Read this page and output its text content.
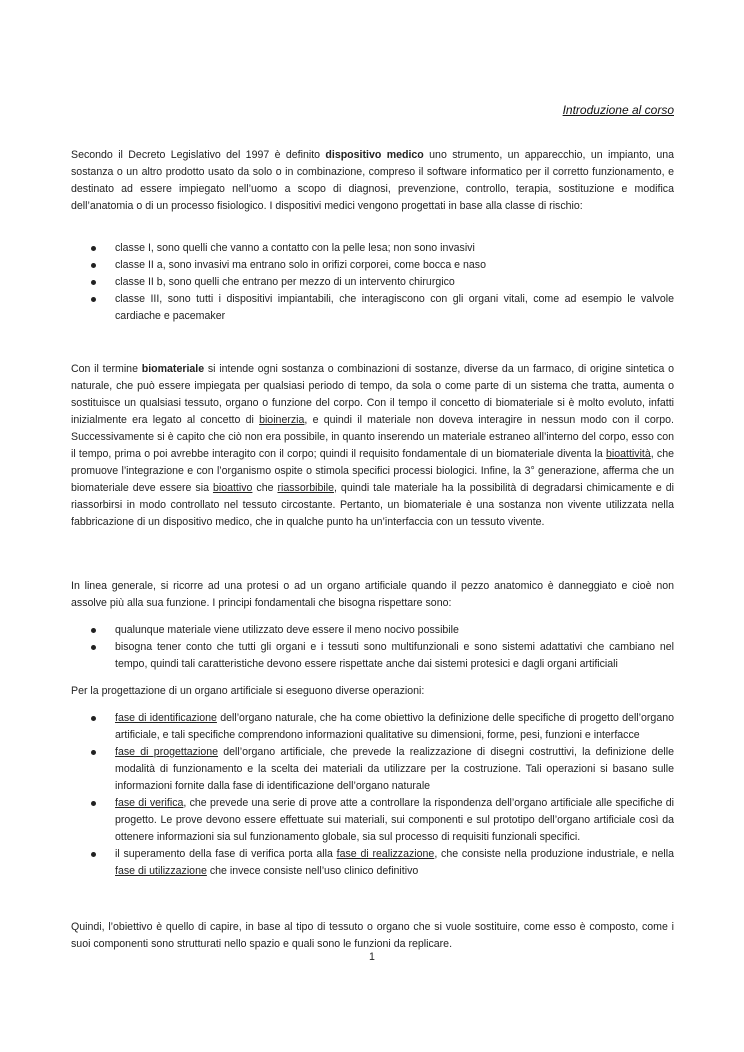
Introduzione al corso

Secondo il Decreto Legislativo del 1997 è definito dispositivo medico uno strumento, un apparecchio, un impianto, una sostanza o un altro prodotto usato da solo o in combinazione, compreso il software informatico per il corretto funzionamento, e destinato ad essere impiegato nell’uomo a scopo di diagnosi, prevenzione, controllo, terapia, sostituzione e modifica dell’anatomia o di un processo fisiologico. I dispositivi medici vengono progettati in base alla classe di rischio:

classe I, sono quelli che vanno a contatto con la pelle lesa; non sono invasivi
classe II a, sono invasivi ma entrano solo in orifizi corporei, come bocca e naso
classe II b, sono quelli che entrano per mezzo di un intervento chirurgico
classe III, sono tutti i dispositivi impiantabili, che interagiscono con gli organi vitali, come ad esempio le valvole cardiache e pacemaker

Con il termine biomateriale si intende ogni sostanza o combinazioni di sostanze, diverse da un farmaco, di origine sintetica o naturale, che può essere impiegata per qualsiasi periodo di tempo, da sola o come parte di un sistema che tratta, aumenta o sostituisce un qualsiasi tessuto, organo o funzione del corpo. Con il tempo il concetto di biomateriale si è molto evoluto, infatti inizialmente era legato al concetto di bioinerzia, e quindi il materiale non doveva interagire in nessun modo con il corpo. Successivamente si è capito che ciò non era possibile, in quanto inserendo un materiale estraneo all’interno del corpo, esso con il tempo, prima o poi avrebbe interagito con il corpo; quindi il requisito fondamentale di un biomateriale diventa la bioattività, che promuove l’integrazione e con l’organismo ospite o stimola specifici processi biologici. Infine, la 3° generazione, afferma che un biomateriale deve essere sia bioattivo che riassorbibile, quindi tale materiale ha la possibilità di degradarsi chimicamente e di riassorbirsi in modo controllato nel tessuto circostante. Pertanto, un biomateriale è una sostanza non vivente utilizzata nella fabbricazione di un dispositivo medico, che in qualche punto ha un’interfaccia con un tessuto vivente.

In linea generale, si ricorre ad una protesi o ad un organo artificiale quando il pezzo anatomico è danneggiato e cioè non assolve più alla sua funzione. I principi fondamentali che bisogna rispettare sono:

qualunque materiale viene utilizzato deve essere il meno nocivo possibile
bisogna tener conto che tutti gli organi e i tessuti sono multifunzionali e sono sistemi adattativi che cambiano nel tempo, quindi tali caratteristiche devono essere rispettate anche dai sistemi protesici e dagli organi artificiali

Per la progettazione di un organo artificiale si eseguono diverse operazioni:

fase di identificazione dell’organo naturale, che ha come obiettivo la definizione delle specifiche di progetto dell’organo artificiale, e tali specifiche comprendono informazioni qualitative su dimensioni, forme, pesi, funzioni e interfacce
fase di progettazione dell’organo artificiale, che prevede la realizzazione di disegni costruttivi, la definizione delle modalità di funzionamento e la scelta dei materiali da utilizzare per la costruzione. Tali operazioni si basano sulle informazioni fornite dalla fase di identificazione dell’organo naturale
fase di verifica, che prevede una serie di prove atte a controllare la rispondenza dell’organo artificiale alle specifiche di progetto. Le prove devono essere effettuate sui materiali, sui componenti e sul prototipo dell’organo artificiale così da ottenere informazioni sia sul funzionamento globale, sia sul processo di requisiti funzionali specifici.
il superamento della fase di verifica porta alla fase di realizzazione, che consiste nella produzione industriale, e nella fase di utilizzazione che invece consiste nell’uso clinico definitivo

Quindi, l’obiettivo è quello di capire, in base al tipo di tessuto o organo che si vuole sostituire, come esso è composto, come i suoi componenti sono strutturati nello spazio e quali sono le funzioni da replicare.

1
